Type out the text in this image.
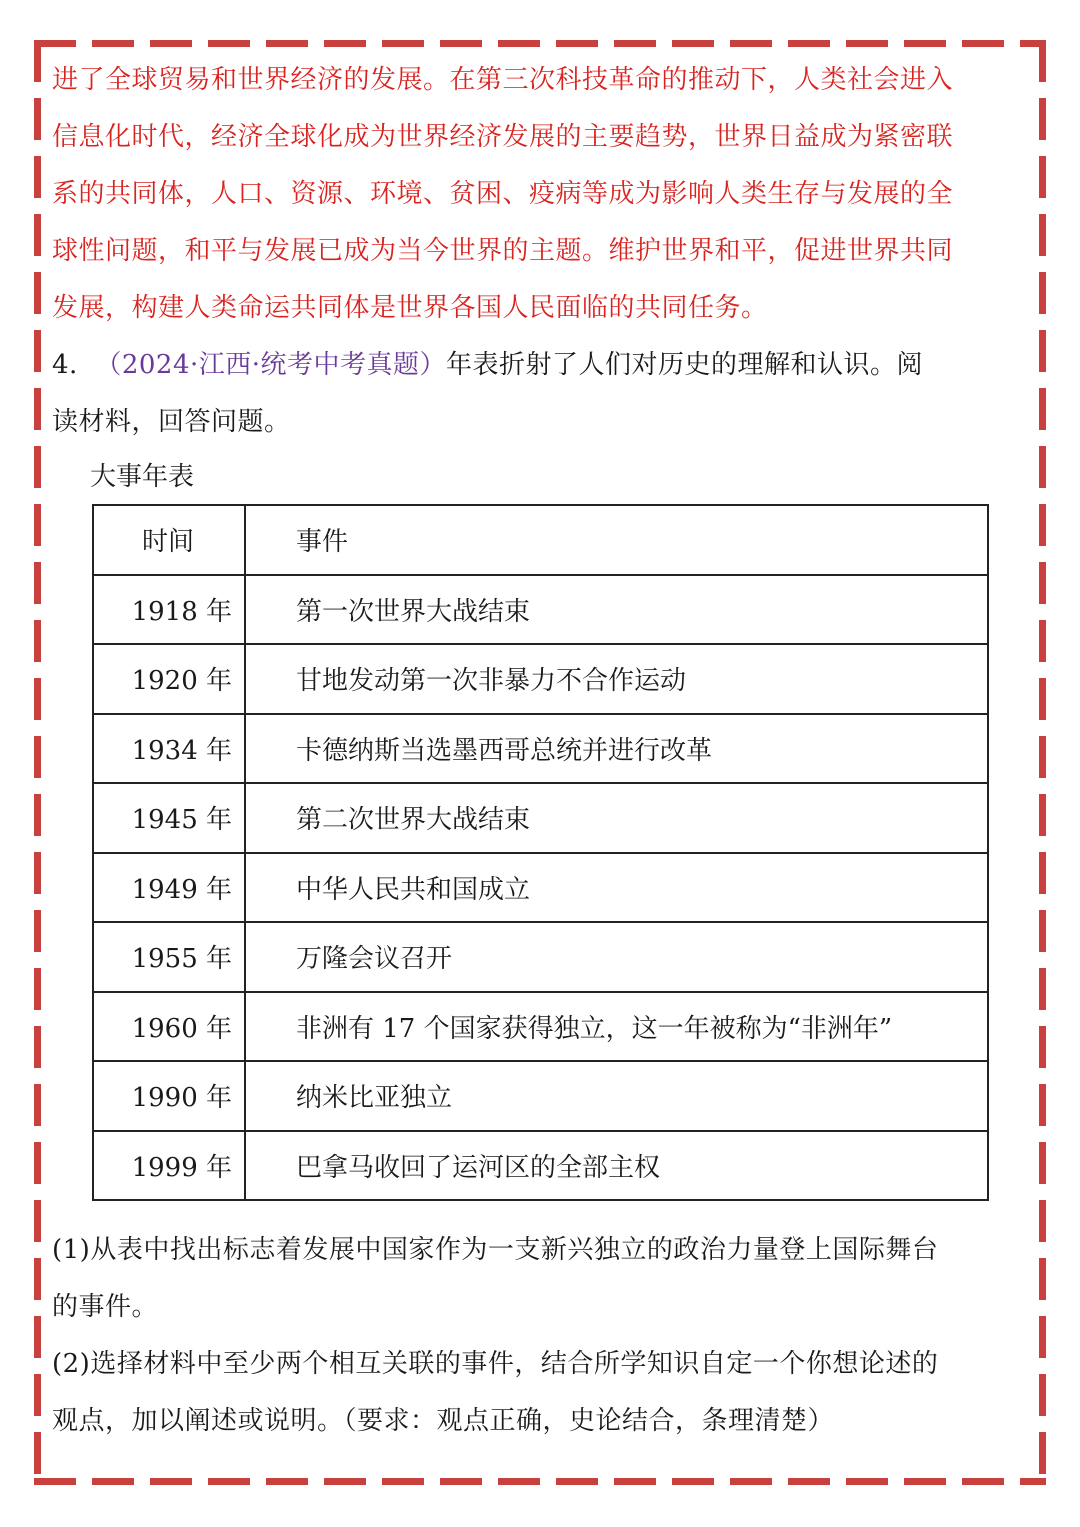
进了全球贸易和世界经济的发展。在第三次科技革命的推动下，人类社会进入

信息化时代，经济全球化成为世界经济发展的主要趋势，世界日益成为紧密联

系的共同体，人口、资源、环境、贫困、疫病等成为影响人类生存与发展的全

球性问题，和平与发展已成为当今世界的主题。维护世界和平，促进世界共同

发展，构建人类命运共同体是世界各国人民面临的共同任务。

4. （2024·江西·统考中考真题）年表折射了人们对历史的理解和认识。阅

读材料，回答问题。

大事年表

时间	事件
1918 年	第一次世界大战结束
1920 年	甘地发动第一次非暴力不合作运动
1934 年	卡德纳斯当选墨西哥总统并进行改革
1945 年	第二次世界大战结束
1949 年	中华人民共和国成立
1955 年	万隆会议召开
1960 年	非洲有 17 个国家获得独立，这一年被称为“非洲年”
1990 年	纳米比亚独立
1999 年	巴拿马收回了运河区的全部主权

(1)从表中找出标志着发展中国家作为一支新兴独立的政治力量登上国际舞台

的事件。

(2)选择材料中至少两个相互关联的事件，结合所学知识自定一个你想论述的

观点，加以阐述或说明。（要求：观点正确，史论结合，条理清楚）
